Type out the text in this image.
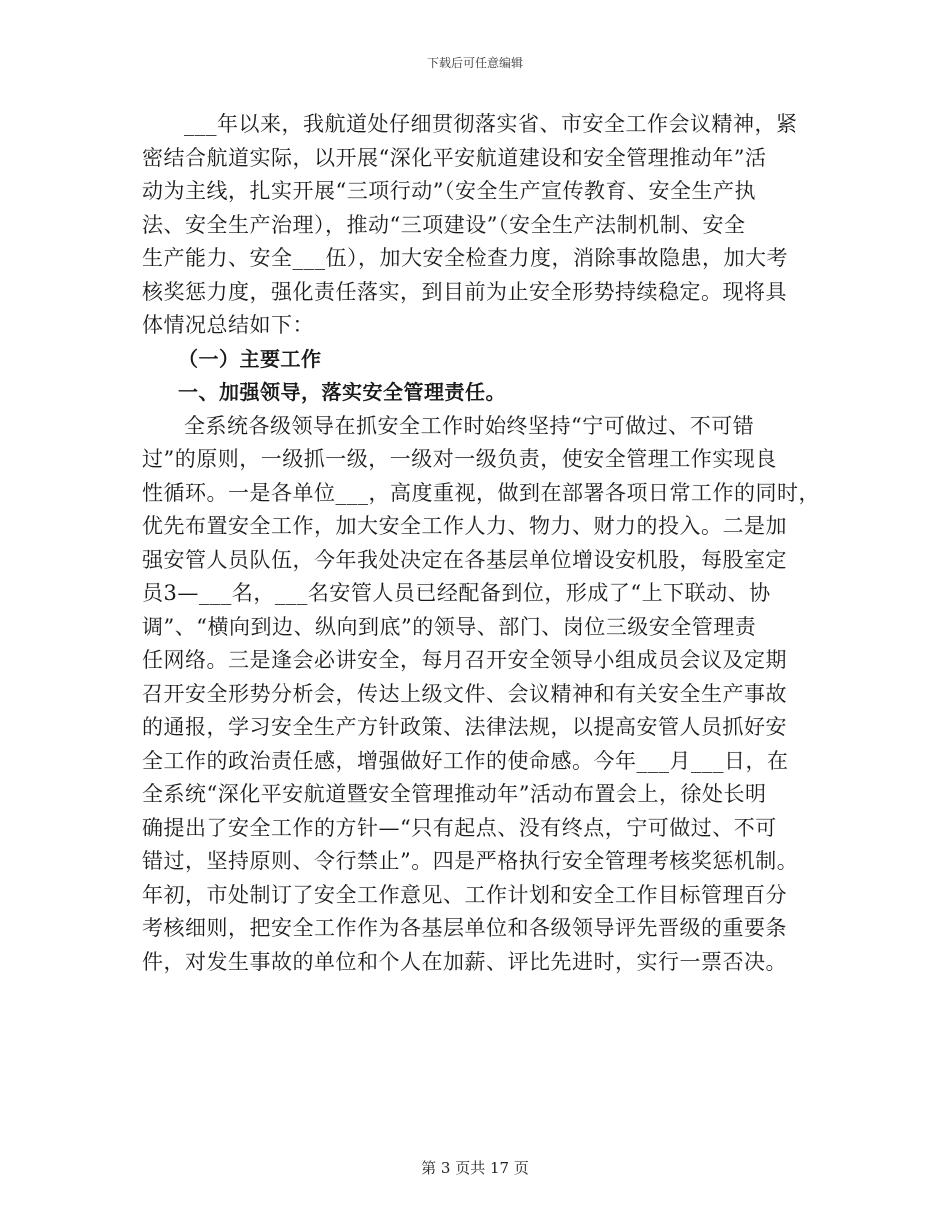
下载后可任意编辑
___年以来，我航道处仔细贯彻落实省、市安全工作会议精神，紧
密结合航道实际，以开展“深化平安航道建设和安全管理推动年”活
动为主线，扎实开展“三项行动”（安全生产宣传教育、安全生产执
法、安全生产治理），推动“三项建设”（安全生产法制机制、安全
生产能力、安全___伍），加大安全检查力度，消除事故隐患，加大考
核奖惩力度，强化责任落实，到目前为止安全形势持续稳定。现将具
体情况总结如下：
（一）主要工作
一、加强领导，落实安全管理责任。
全系统各级领导在抓安全工作时始终坚持“宁可做过、不可错
过”的原则，一级抓一级，一级对一级负责，使安全管理工作实现良
性循环。一是各单位___，高度重视，做到在部署各项日常工作的同时，
优先布置安全工作，加大安全工作人力、物力、财力的投入。二是加
强安管人员队伍，今年我处决定在各基层单位增设安机股，每股室定
员3—___名，___名安管人员已经配备到位，形成了“上下联动、协
调”、“横向到边、纵向到底”的领导、部门、岗位三级安全管理责
任网络。三是逢会必讲安全，每月召开安全领导小组成员会议及定期
召开安全形势分析会，传达上级文件、会议精神和有关安全生产事故
的通报，学习安全生产方针政策、法律法规，以提高安管人员抓好安
全工作的政治责任感，增强做好工作的使命感。今年___月___日，在
全系统“深化平安航道暨安全管理推动年”活动布置会上，徐处长明
确提出了安全工作的方针—“只有起点、没有终点，宁可做过、不可
错过，坚持原则、令行禁止”。四是严格执行安全管理考核奖惩机制。
年初，市处制订了安全工作意见、工作计划和安全工作目标管理百分
考核细则，把安全工作作为各基层单位和各级领导评先晋级的重要条
件，对发生事故的单位和个人在加薪、评比先进时，实行一票否决。
第 3 页共 17 页
